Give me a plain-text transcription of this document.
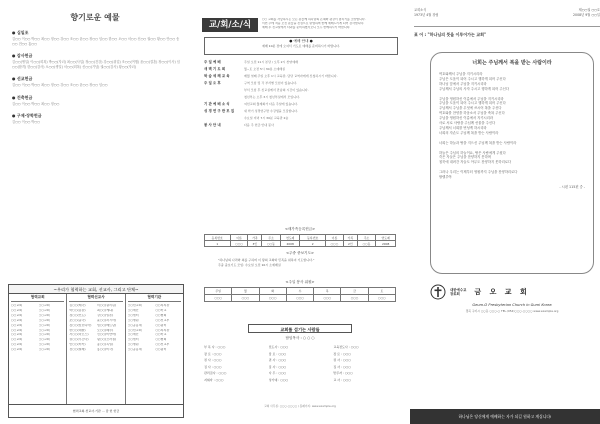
향기로운 예물
● 십일조
김○○ 이○○ 박○○ 최○○ 정○○ 강○○ 조○○ 윤○○ 장○○ 임○○ 한○○ 오○○ 서○○ 신○○ 권○○ 황○○ 안○○ 송○○ 전○○ 홍○○
● 감사헌금
김○○(생일) 이○○(회복) 박○○(자녀) 최○○(사업) 정○○(건강) 강○○(취업) 조○○(여행) 윤○○(결혼) 장○○(이사) 임○○(합격) 한○○(감사) 오○○(생일) 서○○(회복) 신○○(기념) 권○○(감사) 황○○(자녀)
● 선교헌금
김○○ 이○○ 박○○ 최○○ 정○○ 강○○ 조○○ 윤○○ 장○○ 임○○
● 건축헌금
김○○ 이○○ 박○○ 최○○ 정○○
● 구제·장학헌금
김○○ 이○○ 박○○
~우리가 협력하는 교회, 선교사, 그리고 단체~
협력교회
○○교회	○○교회
○○교회	○○교회
○○교회	○○교회
○○교회	○○교회
○○교회	○○교회
○○교회	○○교회
○○교회	○○교회
○○교회	○○교회
○○교회	○○교회
○○교회	○○교회
협력선교사
김○○(태국)	이○○(필리핀)
박○○(몽골)	최○○(케냐)
정○○(인도)	강○○(일본)
조○○(중국)	윤○○(러시아)
장○○(캄보디아)	임○○(베트남)
한○○(네팔)	오○○(페루)
서○○(라오스)	신○○(미얀마)
권○○(우간다)	황○○(브라질)
안○○(터키)	송○○(독일)
전○○(칠레)	홍○○(미국)
협력기관
○○선교회	○○복지관
○○재단	○○학교
○○센터	○○협회
○○병원	○○선교부
○○공동체	○○쉼터
○○선교회	○○복지관
○○재단	○○학교
○○센터	○○협회
○○병원	○○선교부
○○공동체	○○쉼터
협력교회·선교사·기관 … 담 헌 헌금
교/회/소/식
○○ 교회를 사랑하시는 모든 분들께 하나님의 은혜와 평강이 넘치기를 소망합니다.
이번 주에 처음 오신 분들을 진심으로 환영하며 함께 예배드리게 되어 감사합니다.
예배 후 친교실에서 다과를 준비하였사오니 모두 함께하시기 바랍니다.
● 예배 안내 ●
예배 10분 전에 오셔서 기도로 예배를 준비하시기 바랍니다.
주 일 예 배	주일 오전 11시 본당 / 오후 2시 찬양예배
새 벽 기 도 회	월~토 오전 5시 30분 소예배실
학 습 세 례 교 육	매월 첫째 주일 오후 1시 교육관, 담당 교역자에게 신청하시기 바랍니다.
주 일 오 후	구역 모임 및 각 부서별 모임이 있습니다.

부서 모임 후 친교실에서 만남의 시간이 있습니다.

청년부는 오후 3시 청년부실에서 모입니다.
기 관 예 배 소 식	여선교회 월례회가 다음 주일에 있습니다.
성 경 연 구 반 모 집	새 학기 성경연구반 수강생을 모집합니다.

수요일 저녁 7시 30분 교육관 2층
봉 사 안 내	다음 주 헌금·안내 봉사
<새가족등록헌금>
등록번호	이름	가족	주소	연도제	등록번호	이름	가족	주소	연도제
1	○○○	3인	○○동	2008	2	○○○	2인	○○동	2008
<주중 중보기도>
"하나님의 나라와 의를 구하며 이 땅의 교회와 민족을 위하여 기도합니다."
주중 중보기도 모임: 수요일 오전 10시 소예배실
<주일 봉사 위원>
주일	월	화	수	목	금	토
○○○	○○○	○○○	○○○	○○○	○○○	○○○
교회를 섬기는 사람들
담임목사 : ○ ○ ○
부 목 사 : ○○○	전도사 : ○○○	교육전도사 : ○○○
장 로 : ○○○	장 로 : ○○○	장 로 : ○○○
권 사 : ○○○	권 사 : ○○○	권 사 : ○○○
집 사 : ○○○	집 사 : ○○○	집 사 : ○○○
관리집사 : ○○○	사 무 : ○○○	반주자 : ○○○
지휘자 : ○○○	성가대 : ○○○	교 사 : ○○○
교회 사무실: ○○○-○○○○ / 홈페이지: www.example.org
교회소식	제○○권 ○○호
1973년 4월 창립	2008년 9월 ○○일
표 어 : "하나님의 뜻을 이루어가는 교회"
너희는 주님께서 복을 받는 사람이라
여호와께서 주님을 지키시리라
주님은 도움이 되어 주시고 행하게 되어 주신다
하나님 앞에서 주님을 지키시리라
주님께서 주님의 사자 주시고 행하게 되어 주신다

주님을 영원하신 이름에서 주님을 지키시리라
주님을 도움이 되어 주시고 행하게 되어 주신다
주님께서 주님을 무엇에 쓰시어 복을 주신다
여호와를 찬양을 하옵소서 주님을 축복 주신다
주님을 영원하신 이름에서 지키시리라
사로 서로 사랑을 주님께 선물을 주신다
주님께서 너희를 번성케 하시리라
너희의 자손도 주님께 복을 받는 사람이라

너희는 하늘과 땅을 지으신 주님께 복을 받는 사람이라

하늘은 주님의 하늘이요, 땅은 사람에게 주셨다
죽은 자들은 주님을 찬양하지 못하며
침묵에 내려간 자들도 아무도 찬양하지 못하리로다

그러나 우리는 이제부터 영원까지 주님을 찬양하리로다
할렐루야
- 시편 115편 중 -
대한예수교
장로회	금 오 교 회
Geum-O Presbyterian Church in Gumi Korea
경북 구미시 ○○동 ○○○-○ TEL.(054)○○○-○○○○ www.example.org
하나님은 당신에게 예배하는 자가 되길 원하고 계십니다!
